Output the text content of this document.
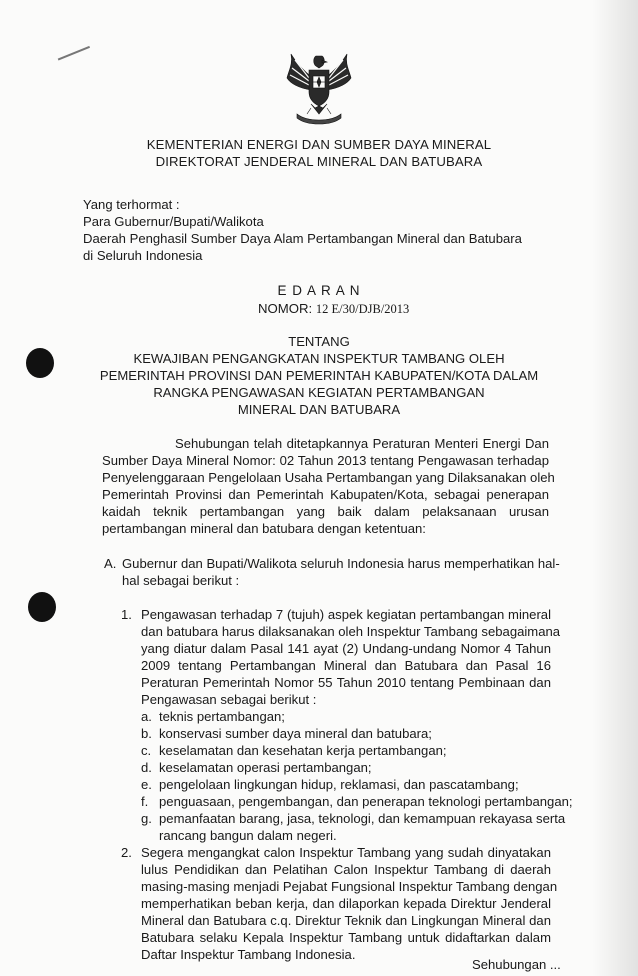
KEMENTERIAN ENERGI DAN SUMBER DAYA MINERAL
DIREKTORAT JENDERAL MINERAL DAN BATUBARA
Yang terhormat :
Para Gubernur/Bupati/Walikota
Daerah Penghasil Sumber Daya Alam Pertambangan Mineral dan Batubara
di Seluruh Indonesia
E D A R A N
NOMOR: 12 E/30/DJB/2013
TENTANG
KEWAJIBAN PENGANGKATAN INSPEKTUR TAMBANG OLEH
PEMERINTAH PROVINSI DAN PEMERINTAH KABUPATEN/KOTA DALAM
RANGKA PENGAWASAN KEGIATAN PERTAMBANGAN
MINERAL DAN BATUBARA
Sehubungan telah ditetapkannya Peraturan Menteri Energi Dan
Sumber Daya Mineral Nomor: 02 Tahun 2013 tentang Pengawasan terhadap
Penyelenggaraan Pengelolaan Usaha Pertambangan yang Dilaksanakan oleh
Pemerintah Provinsi dan Pemerintah Kabupaten/Kota, sebagai penerapan
kaidah teknik pertambangan yang baik dalam pelaksanaan urusan
pertambangan mineral dan batubara dengan ketentuan:
A. Gubernur dan Bupati/Walikota seluruh Indonesia harus memperhatikan hal-
hal sebagai berikut :
1. Pengawasan terhadap 7 (tujuh) aspek kegiatan pertambangan mineral
dan batubara harus dilaksanakan oleh Inspektur Tambang sebagaimana
yang diatur dalam Pasal 141 ayat (2) Undang-undang Nomor 4 Tahun
2009 tentang Pertambangan Mineral dan Batubara dan Pasal 16
Peraturan Pemerintah Nomor 55 Tahun 2010 tentang Pembinaan dan
Pengawasan sebagai berikut :
a. teknis pertambangan;
b. konservasi sumber daya mineral dan batubara;
c. keselamatan dan kesehatan kerja pertambangan;
d. keselamatan operasi pertambangan;
e. pengelolaan lingkungan hidup, reklamasi, dan pascatambang;
f. penguasaan, pengembangan, dan penerapan teknologi pertambangan;
g. pemanfaatan barang, jasa, teknologi, dan kemampuan rekayasa serta
rancang bangun dalam negeri.
2. Segera mengangkat calon Inspektur Tambang yang sudah dinyatakan
lulus Pendidikan dan Pelatihan Calon Inspektur Tambang di daerah
masing-masing menjadi Pejabat Fungsional Inspektur Tambang dengan
memperhatikan beban kerja, dan dilaporkan kepada Direktur Jenderal
Mineral dan Batubara c.q. Direktur Teknik dan Lingkungan Mineral dan
Batubara selaku Kepala Inspektur Tambang untuk didaftarkan dalam
Daftar Inspektur Tambang Indonesia.
Sehubungan ...
